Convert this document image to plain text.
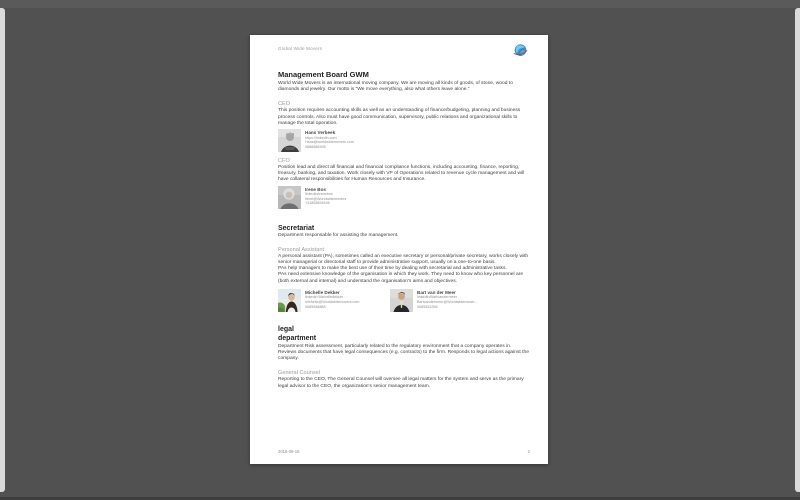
Global Wide Movers
Management Board GWM

World Wide Movers is an international moving company. We are moving all kinds of goods, of stone, wood to diamonds and jewelry. Our motto is “We move everything, also what others leave alone.”

CEO

This position requires accounting skills as well as an understanding of finance/budgeting, planning and business process controls. Also must have good communication, supervisory, public relations and organizational skills to manage the total operation.

Hans Verbeek
https://linkedin.com
Hans@worldwidemovers.com
0888886598
CFO

Position lead and direct all financial and financial compliance functions, including accounting, finance, reporting, treasury, banking, and taxation. Work closely with VP of Operations related to revenue cycle management and will have collateral responsibilities for Human Resources and Insurance.

Irene Bos
linkedin/irenebos
irene@Worldwidemovers
+31858854546
Secretariat

Department responsable for assisting the management.

Personal Assistant

A personal assistant (PA), sometimes called an executive secretary or personal/private secretary, works closely with senior managerial or directorial staff to provide administrative support, usually on a one-to-one basis.

PAs help managers to make the best use of their time by dealing with secretarial and administrative tasks.

PAs need extensive knowledge of the organisation in which they work. They need to know who key personnel are (both external and internal) and understand the organisation's aims and objectives.

Michelle Dekker
linkedin Michelledekker
michelle@Worldwidemovers.com
0685558888
Bart van der Meer
linkedin/Bartvandermeer
Bartvandermeer@Worldwidemover...
0685553256
legal
department

Department Risk assessment, particularly related to the regulatory environment that a company operates in. Reviews documents that have legal consequences (e.g. contracts) to the firm. Responds to legal actions against the company.

General Counsel

Reporting to the CEO, The General Counsel will oversee all legal matters for the system and serve as the primary legal advisor to the CEO, the organization's senior management team.

2016-09-16	2
